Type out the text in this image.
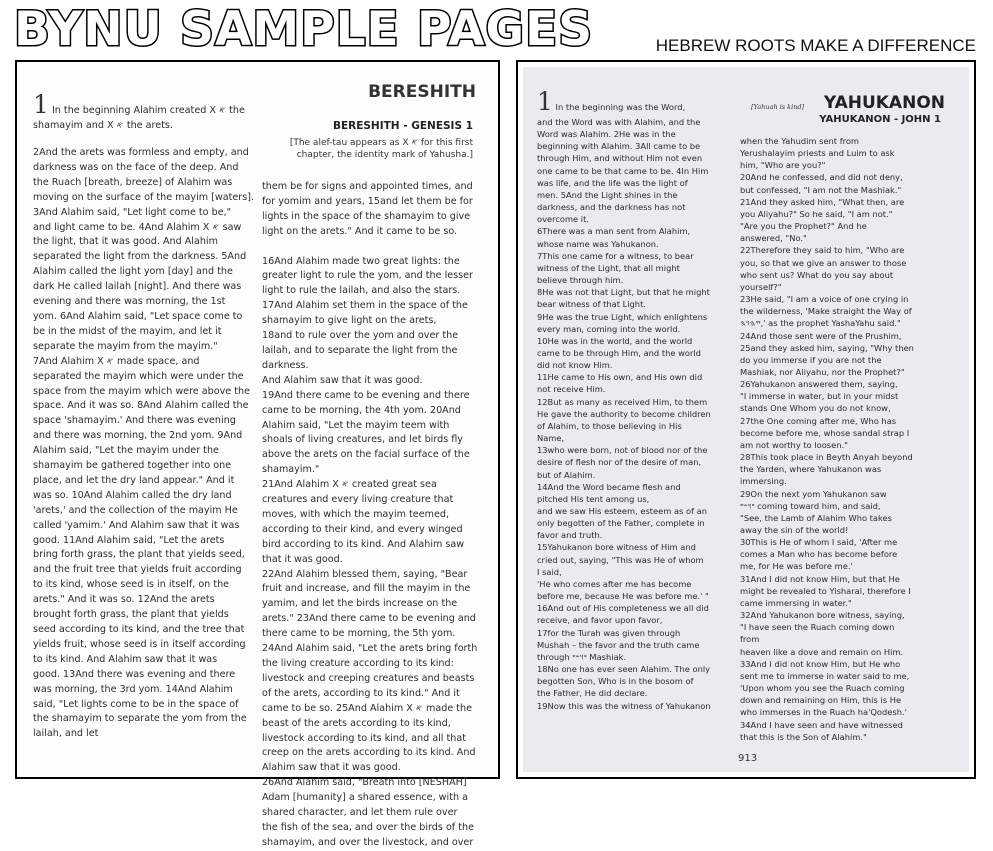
BYNU SAMPLE PAGES	HEBREW ROOTS MAKE A DIFFERENCE
BERESHITH
BERESHITH - GENESIS 1
[The alef-tau appears as X 𐤀 for this first chapter, the identity mark of Yahusha.]
1 In the beginning Alahim created X 𐤀 the shamayim and X 𐤀 the arets.

2And the arets was formless and empty, and

darkness was on the face of the deep. And

the Ruach [breath, breeze] of Alahim was

moving on the surface of the mayim [waters].

3And Alahim said, "Let light come to be,"

and light came to be. 4And Alahim X 𐤀 saw

the light, that it was good. And Alahim

separated the light from the darkness. 5And

Alahim called the light yom [day] and the

dark He called lailah [night]. And there was

evening and there was morning, the 1st

yom. 6And Alahim said, "Let space come to

be in the midst of the mayim, and let it

separate the mayim from the mayim."

7And Alahim X 𐤀 made space, and

separated the mayim which were under the

space from the mayim which were above the

space. And it was so. 8And Alahim called the

space 'shamayim.' And there was evening

and there was morning, the 2nd yom. 9And

Alahim said, "Let the mayim under the

shamayim be gathered together into one

place, and let the dry land appear." And it

was so. 10And Alahim called the dry land

'arets,' and the collection of the mayim He

called 'yamim.' And Alahim saw that it was

good. 11And Alahim said, "Let the arets

bring forth grass, the plant that yields seed,

and the fruit tree that yields fruit according

to its kind, whose seed is in itself, on the

arets." And it was so. 12And the arets

brought forth grass, the plant that yields

seed according to its kind, and the tree that

yields fruit, whose seed is in itself according

to its kind. And Alahim saw that it was

good. 13And there was evening and there

was morning, the 3rd yom. 14And Alahim

said, "Let lights come to be in the space of

the shamayim to separate the yom from the

lailah, and let

them be for signs and appointed times, and

for yomim and years, 15and let them be for

lights in the space of the shamayim to give

light on the arets." And it came to be so.

16And Alahim made two great lights: the

greater light to rule the yom, and the lesser

light to rule the lailah, and also the stars.

17And Alahim set them in the space of the

shamayim to give light on the arets,

18and to rule over the yom and over the

lailah, and to separate the light from the

darkness.

And Alahim saw that it was good.

19And there came to be evening and there

came to be morning, the 4th yom. 20And

Alahim said, "Let the mayim teem with

shoals of living creatures, and let birds fly

above the arets on the facial surface of the

shamayim."

21And Alahim X 𐤀 created great sea

creatures and every living creature that

moves, with which the mayim teemed,

according to their kind, and every winged

bird according to its kind. And Alahim saw

that it was good.

22And Alahim blessed them, saying, "Bear

fruit and increase, and fill the mayim in the

yamim, and let the birds increase on the

arets." 23And there came to be evening and

there came to be morning, the 5th yom.

24And Alahim said, "Let the arets bring forth

the living creature according to its kind:

livestock and creeping creatures and beasts

of the arets, according to its kind." And it

came to be so. 25And Alahim X 𐤀 made the

beast of the arets according to its kind,

livestock according to its kind, and all that

creep on the arets according to its kind. And

Alahim saw that it was good.

26And Alahim said, "Breath into [NESHAH]

Adam [humanity] a shared essence, with a

shared character, and let them rule over

the fish of the sea, and over the birds of the

shamayim, and over the livestock, and over

[Yahuah is kind] YAHUKANON
YAHUKANON - JOHN 1
1 In the beginning was the Word,

and the Word was with Alahim, and the

Word was Alahim. 2He was in the

beginning with Alahim. 3All came to be

through Him, and without Him not even

one came to be that came to be. 4In Him

was life, and the life was the light of

men. 5And the Light shines in the

darkness, and the darkness has not

overcome it.

6There was a man sent from Alahim,

whose name was Yahukanon.

7This one came for a witness, to bear

witness of the Light, that all might

believe through him.

8He was not that Light, but that he might

bear witness of that Light.

9He was the true Light, which enlightens

every man, coming into the world.

10He was in the world, and the world

came to be through Him, and the world

did not know Him.

11He came to His own, and His own did

not receive Him.

12But as many as received Him, to them

He gave the authority to become children

of Alahim, to those believing in His

Name,

13who were born, not of blood nor of the

desire of flesh nor of the desire of man,

but of Alahim.

14And the Word became flesh and

pitched His tent among us,

and we saw His esteem, esteem as of an

only begotten of the Father, complete in

favor and truth.

15Yahukanon bore witness of Him and

cried out, saying, "This was He of whom

I said,

'He who comes after me has become

before me, because He was before me.' "

16And out of His completeness we all did

receive, and favor upon favor,

17for the Turah was given through

Mushah – the favor and the truth came

through 𐤏𐤅𐤔𐤏 Mashiak.

18No one has ever seen Alahim. The only

begotten Son, Who is in the bosom of

the Father, He did declare.

19Now this was the witness of Yahukanon

when the Yahudim sent from

Yerushalayim priests and Luim to ask

him, "Who are you?"

20And he confessed, and did not deny,

but confessed, "I am not the Mashiak."

21And they asked him, "What then, are

you Aliyahu?" So he said, "I am not."

"Are you the Prophet?" And he

answered, "No."

22Therefore they said to him, "Who are

you, so that we give an answer to those

who sent us? What do you say about

yourself?"

23He said, "I am a voice of one crying in

the wilderness, 'Make straight the Way of

𐤉𐤄𐤅𐤄,' as the prophet YashaYahu said."

24And those sent were of the Prushim,

25and they asked him, saying, "Why then

do you immerse if you are not the

Mashiak, nor Aliyahu, nor the Prophet?"

26Yahukanon answered them, saying,

"I immerse in water, but in your midst

stands One Whom you do not know,

27the One coming after me, Who has

become before me, whose sandal strap I

am not worthy to loosen."

28This took place in Beyth Anyah beyond

the Yarden, where Yahukanon was

immersing.

29On the next yom Yahukanon saw

𐤏𐤅𐤔𐤏 coming toward him, and said,

"See, the Lamb of Alahim Who takes

away the sin of the world!

30This is He of whom I said, 'After me

comes a Man who has become before

me, for He was before me.'

31And I did not know Him, but that He

might be revealed to Yisharal, therefore I

came immersing in water."

32And Yahukanon bore witness, saying,

"I have seen the Ruach coming down

from

heaven like a dove and remain on Him.

33And I did not know Him, but He who

sent me to immerse in water said to me,

'Upon whom you see the Ruach coming

down and remaining on Him, this is He

who immerses in the Ruach ha'Qodesh.'

34And I have seen and have witnessed

that this is the Son of Alahim."

913
